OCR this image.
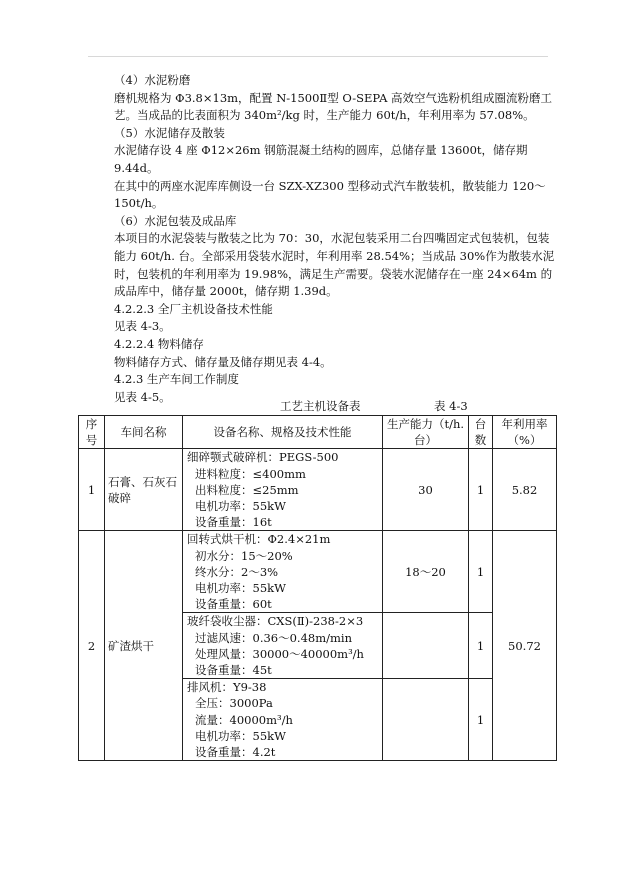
（4）水泥粉磨

磨机规格为 Φ3.8×13m，配置 N-1500Ⅱ型 O-SEPA 高效空气选粉机组成圈流粉磨工艺。当成品的比表面积为 340m²/kg 时，生产能力 60t/h，年利用率为 57.08%。

（5）水泥储存及散装

水泥储存设 4 座 Φ12×26m 钢筋混凝土结构的圆库，总储存量 13600t，储存期 9.44d。

在其中的两座水泥库库侧设一台 SZX-XZ300 型移动式汽车散装机，散装能力 120～150t/h。

（6）水泥包装及成品库

本项目的水泥袋装与散装之比为 70：30，水泥包装采用二台四嘴固定式包装机，包装能力 60t/h. 台。全部采用袋装水泥时，年利用率 28.54%；当成品 30%作为散装水泥时，包装机的年利用率为 19.98%，满足生产需要。袋装水泥储存在一座 24×64m 的成品库中，储存量 2000t，储存期 1.39d。

4.2.2.3 全厂主机设备技术性能

见表 4-3。

4.2.2.4 物料储存

物料储存方式、储存量及储存期见表 4-4。

4.2.3 生产车间工作制度

见表 4-5。

工艺主机设备表	表 4-3
序号	车间名称	设备名称、规格及技术性能	生产能力（t/h. 台）	台数	年利用率（%）
1	石膏、石灰石破碎	细碎颚式破碎机：PEGS-500
进料粒度：≤400mm
出料粒度：≤25mm
电机功率：55kW
设备重量：16t	30	1	5.82
2	矿渣烘干	回转式烘干机：Φ2.4×21m
初水分：15～20%
终水分：2～3%
电机功率：55kW
设备重量：60t	18～20	1	50.72

		玻纤袋收尘器：CXS(Ⅱ)-238-2×3
过滤风速：0.36～0.48m/min
处理风量：30000～40000m³/h
设备重量：45t		1	

		排风机：Y9-38
全压：3000Pa
流量：40000m³/h
电机功率：55kW
设备重量：4.2t		1	
